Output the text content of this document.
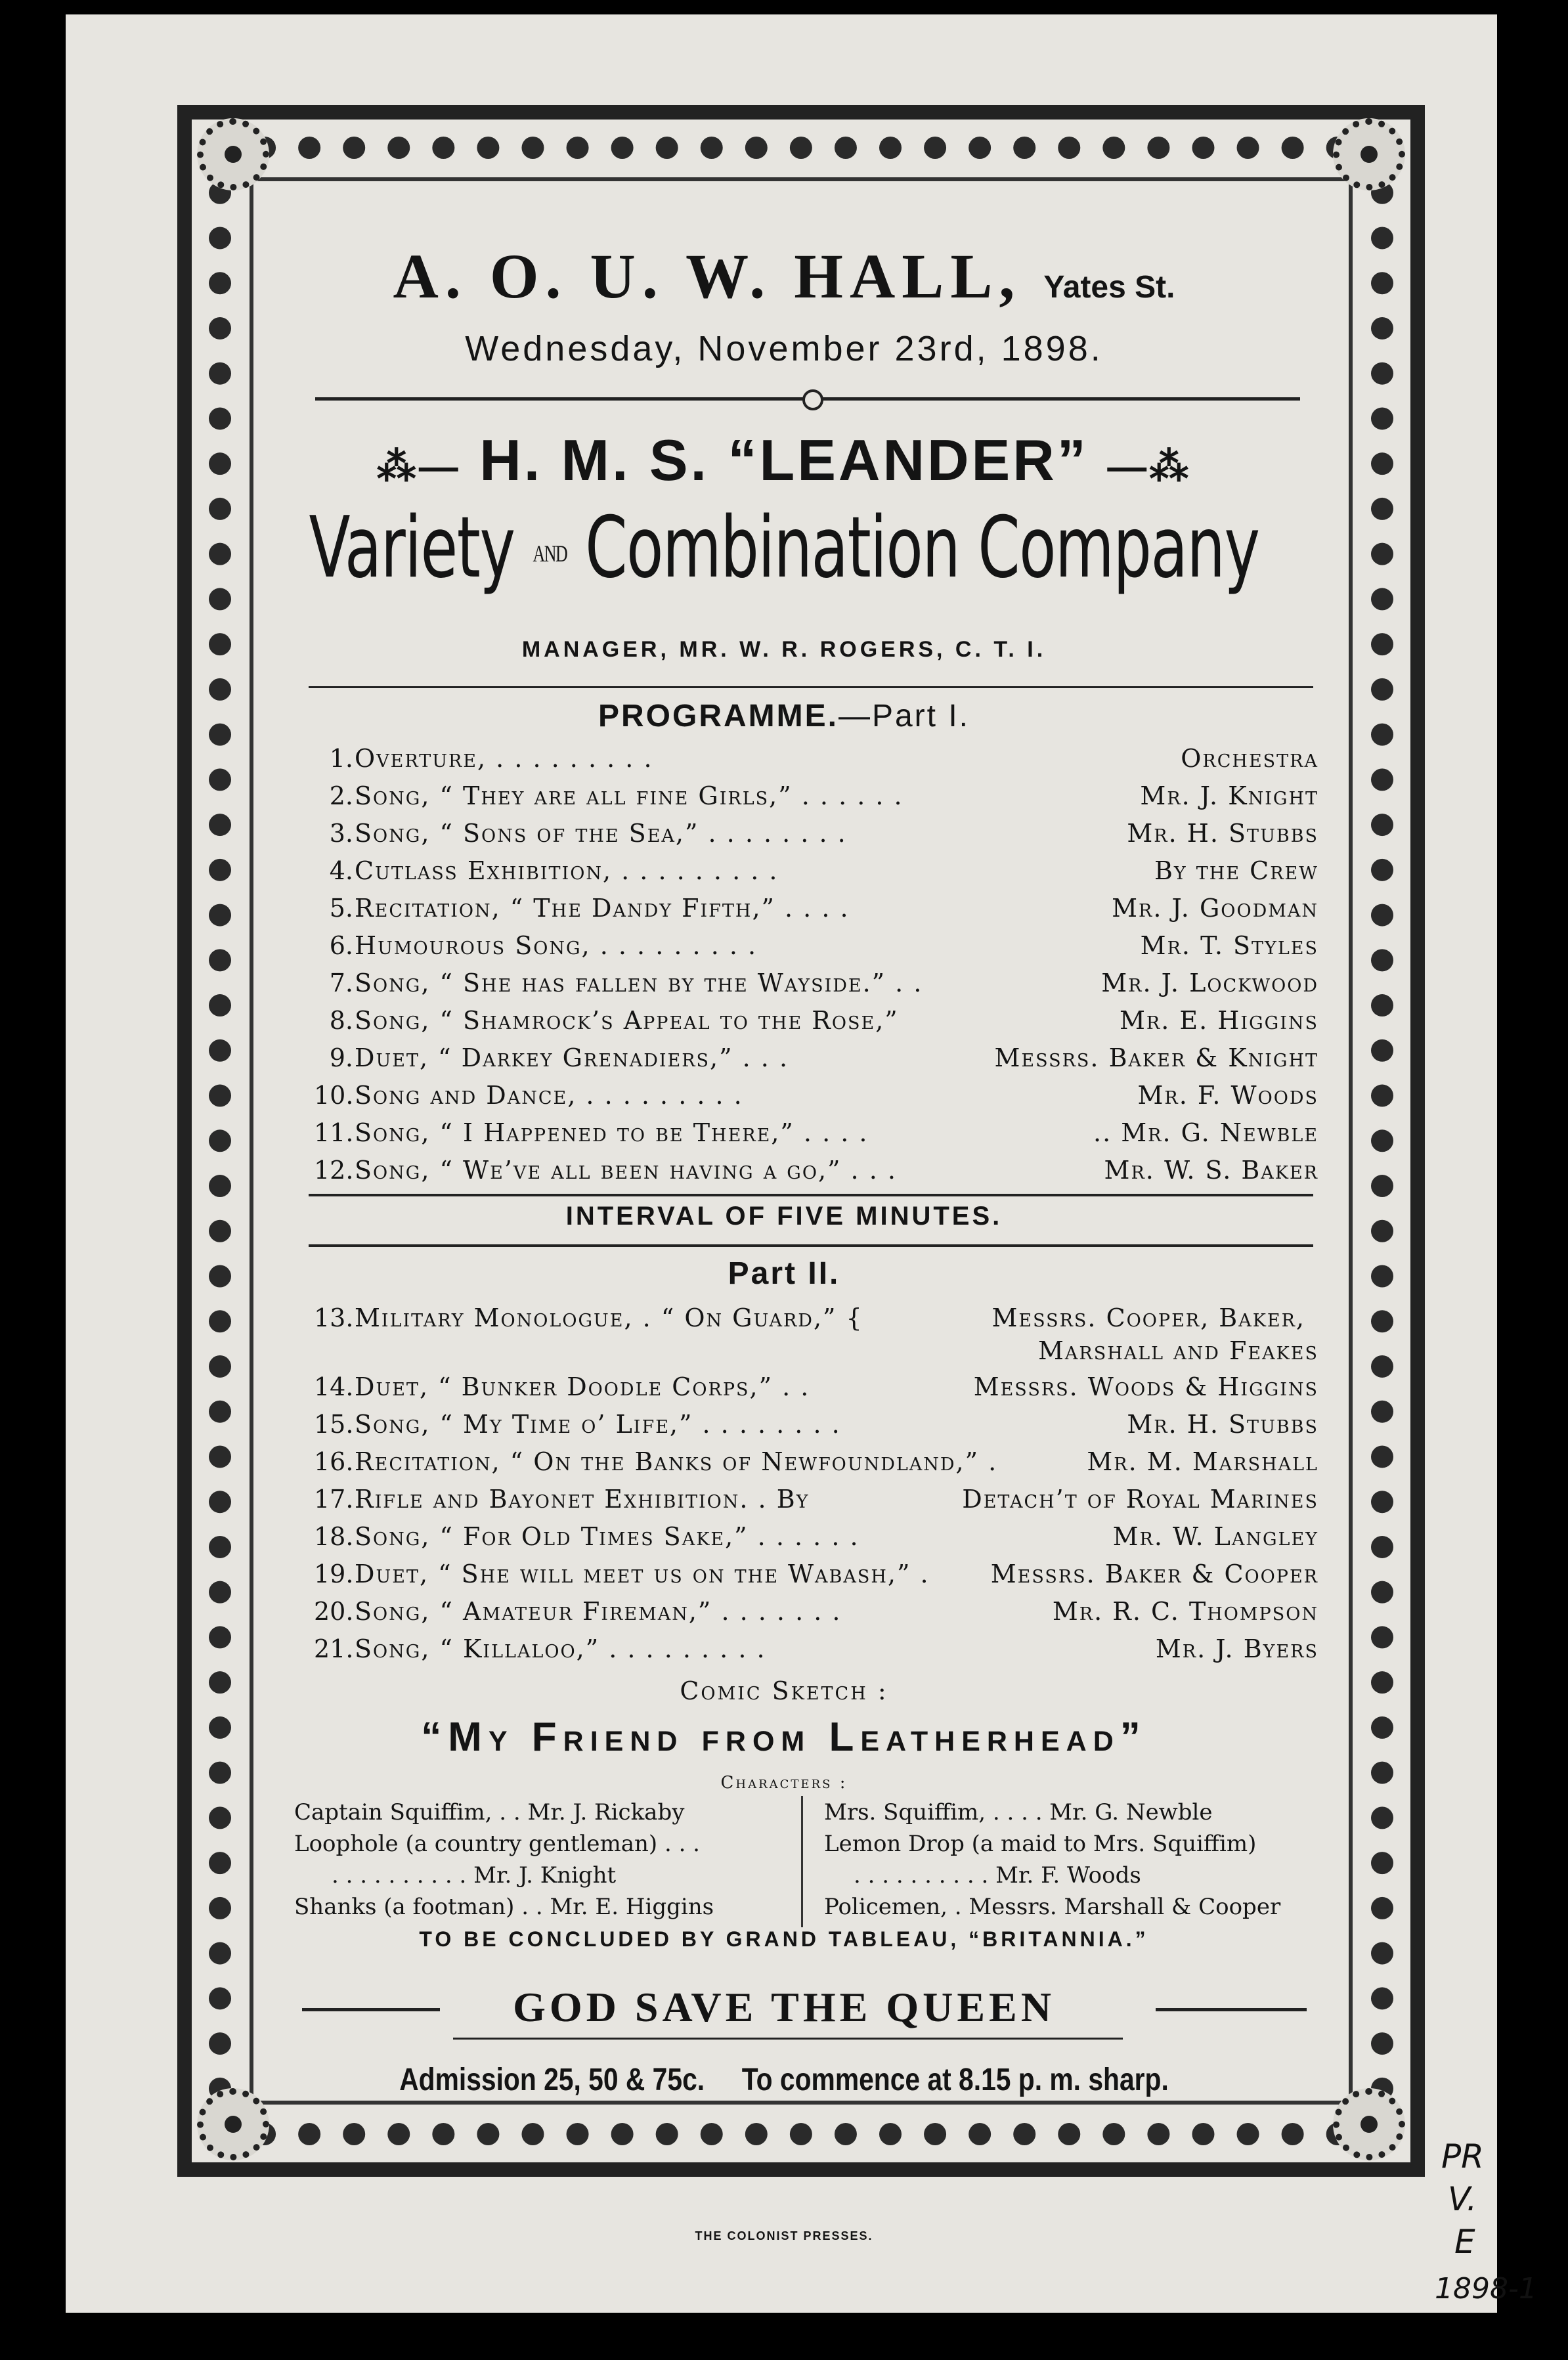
A. O. U. W. HALL, Yates St.
Wednesday, November 23rd, 1898.
⁂— H. M. S. “LEANDER” —⁂
Variety AND Combination Company
MANAGER, MR. W. R. ROGERS, C. T. I.
PROGRAMME.—Part I.
1. Overture, . . . . . . . . .	Orchestra
2. Song, “ They are all fine Girls,” . . . . . .	Mr. J. Knight
3. Song, “ Sons of the Sea,” . . . . . . . .	Mr. H. Stubbs
4. Cutlass Exhibition, . . . . . . . . .	By the Crew
5. Recitation, “ The Dandy Fifth,” . . . .	Mr. J. Goodman
6. Humourous Song, . . . . . . . . .	Mr. T. Styles
7. Song, “ She has fallen by the Wayside.” . .	Mr. J. Lockwood
8. Song, “ Shamrock’s Appeal to the Rose,”	Mr. E. Higgins
9. Duet, “ Darkey Grenadiers,” . . .	Messrs. Baker & Knight
10. Song and Dance, . . . . . . . . .	Mr. F. Woods
11. Song, “ I Happened to be There,” . . . .	.. Mr. G. Newble
12. Song, “ We’ve all been having a go,” . . .	Mr. W. S. Baker
INTERVAL OF FIVE MINUTES.
Part II.
13. Military Monologue, . “ On Guard,” {	Messrs. Cooper, Baker,
Marshall and Feakes
14. Duet, “ Bunker Doodle Corps,” . .	Messrs. Woods & Higgins
15. Song, “ My Time o’ Life,” . . . . . . . .	Mr. H. Stubbs
16. Recitation, “ On the Banks of Newfoundland,” .	Mr. M. Marshall
17. Rifle and Bayonet Exhibition. . By	Detach’t of Royal Marines
18. Song, “ For Old Times Sake,” . . . . . .	Mr. W. Langley
19. Duet, “ She will meet us on the Wabash,” . Messrs. Baker & Cooper
20. Song, “ Amateur Fireman,” . . . . . . .	Mr. R. C. Thompson
21. Song, “ Killaloo,” . . . . . . . . .	Mr. J. Byers
Comic Sketch :
“My Friend from Leatherhead”
Characters :
Captain Squiffim, . . Mr. J. Rickaby
Loophole (a country gentleman) . . .
. . . . . . . . . . Mr. J. Knight
Shanks (a footman) . . Mr. E. Higgins
Mrs. Squiffim, . . . . Mr. G. Newble
Lemon Drop (a maid to Mrs. Squiffim)
. . . . . . . . . . Mr. F. Woods
Policemen, . Messrs. Marshall & Cooper
TO BE CONCLUDED BY GRAND TABLEAU, “BRITANNIA.”
GOD SAVE THE QUEEN
Admission 25, 50 & 75c. To commence at 8.15 p. m. sharp.
THE COLONIST PRESSES.
PR
V.
E
1898-1
